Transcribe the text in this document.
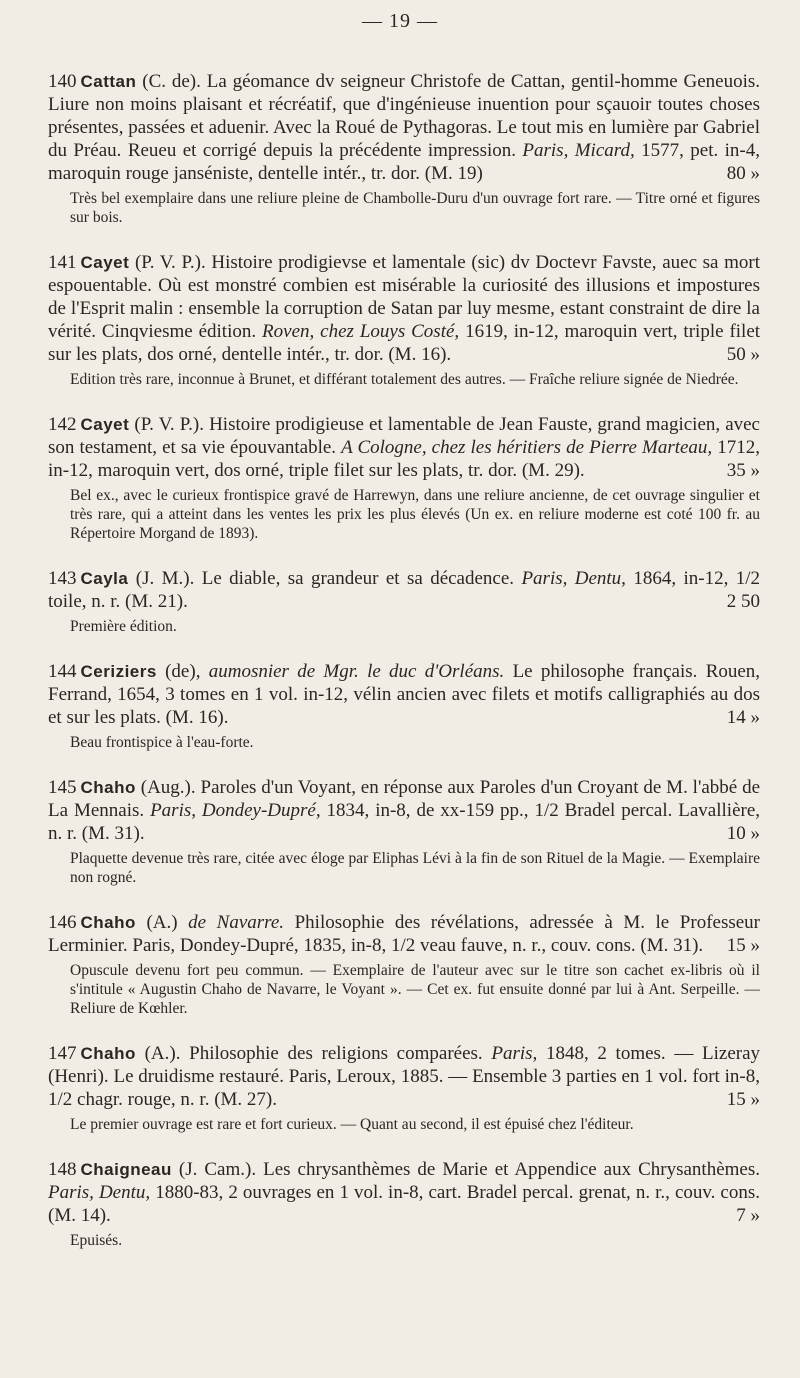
— 19 —

140 Cattan (C. de). La géomance dv seigneur Christofe de Cattan, gentil-homme Geneuois. Liure non moins plaisant et récréatif, que d'ingénieuse inuention pour sçauoir toutes choses présentes, passées et aduenir. Avec la Roué de Pythagoras. Le tout mis en lumière par Gabriel du Préau. Reueu et corrigé depuis la précédente impression. Paris, Micard, 1577, pet. in-4, maroquin rouge janséniste, dentelle intér., tr. dor. (M. 19)	80 »

Très bel exemplaire dans une reliure pleine de Chambolle-Duru d'un ouvrage fort rare. — Titre orné et figures sur bois.

141 Cayet (P. V. P.). Histoire prodigievse et lamentale (sic) dv Doctevr Favste, auec sa mort espouentable. Où est monstré combien est misérable la curiosité des illusions et impostures de l'Esprit malin : ensemble la corruption de Satan par luy mesme, estant constraint de dire la vérité. Cinqviesme édition. Roven, chez Louys Costé, 1619, in-12, maroquin vert, triple filet sur les plats, dos orné, dentelle intér., tr. dor. (M. 16).	50 »

Edition très rare, inconnue à Brunet, et différant totalement des autres. — Fraîche reliure signée de Niedrée.

142 Cayet (P. V. P.). Histoire prodigieuse et lamentable de Jean Fauste, grand magicien, avec son testament, et sa vie épouvantable. A Cologne, chez les héritiers de Pierre Marteau, 1712, in-12, maroquin vert, dos orné, triple filet sur les plats, tr. dor. (M. 29).	35 »

Bel ex., avec le curieux frontispice gravé de Harrewyn, dans une reliure ancienne, de cet ouvrage singulier et très rare, qui a atteint dans les ventes les prix les plus élevés (Un ex. en reliure moderne est coté 100 fr. au Répertoire Morgand de 1893).

143 Cayla (J. M.). Le diable, sa grandeur et sa décadence. Paris, Dentu, 1864, in-12, 1/2 toile, n. r. (M. 21).	2 50

Première édition.

144 Ceriziers (de), aumosnier de Mgr. le duc d'Orléans. Le philosophe français. Rouen, Ferrand, 1654, 3 tomes en 1 vol. in-12, vélin ancien avec filets et motifs calligraphiés au dos et sur les plats. (M. 16).	14 »

Beau frontispice à l'eau-forte.

145 Chaho (Aug.). Paroles d'un Voyant, en réponse aux Paroles d'un Croyant de M. l'abbé de La Mennais. Paris, Dondey-Dupré, 1834, in-8, de xx-159 pp., 1/2 Bradel percal. Lavallière, n. r. (M. 31).	10 »

Plaquette devenue très rare, citée avec éloge par Eliphas Lévi à la fin de son Rituel de la Magie. — Exemplaire non rogné.

146 Chaho (A.) de Navarre. Philosophie des révélations, adressée à M. le Professeur Lerminier. Paris, Dondey-Dupré, 1835, in-8, 1/2 veau fauve, n. r., couv. cons. (M. 31). 15 »

Opuscule devenu fort peu commun. — Exemplaire de l'auteur avec sur le titre son cachet ex-libris où il s'intitule « Augustin Chaho de Navarre, le Voyant ». — Cet ex. fut ensuite donné par lui à Ant. Serpeille. — Reliure de Kœhler.

147 Chaho (A.). Philosophie des religions comparées. Paris, 1848, 2 tomes. — Lizeray (Henri). Le druidisme restauré. Paris, Leroux, 1885. — Ensemble 3 parties en 1 vol. fort in-8, 1/2 chagr. rouge, n. r. (M. 27).	15 »

Le premier ouvrage est rare et fort curieux. — Quant au second, il est épuisé chez l'éditeur.

148 Chaigneau (J. Cam.). Les chrysanthèmes de Marie et Appendice aux Chrysanthèmes. Paris, Dentu, 1880-83, 2 ouvrages en 1 vol. in-8, cart. Bradel percal. grenat, n. r., couv. cons. (M. 14).	7 »

Epuisés.
